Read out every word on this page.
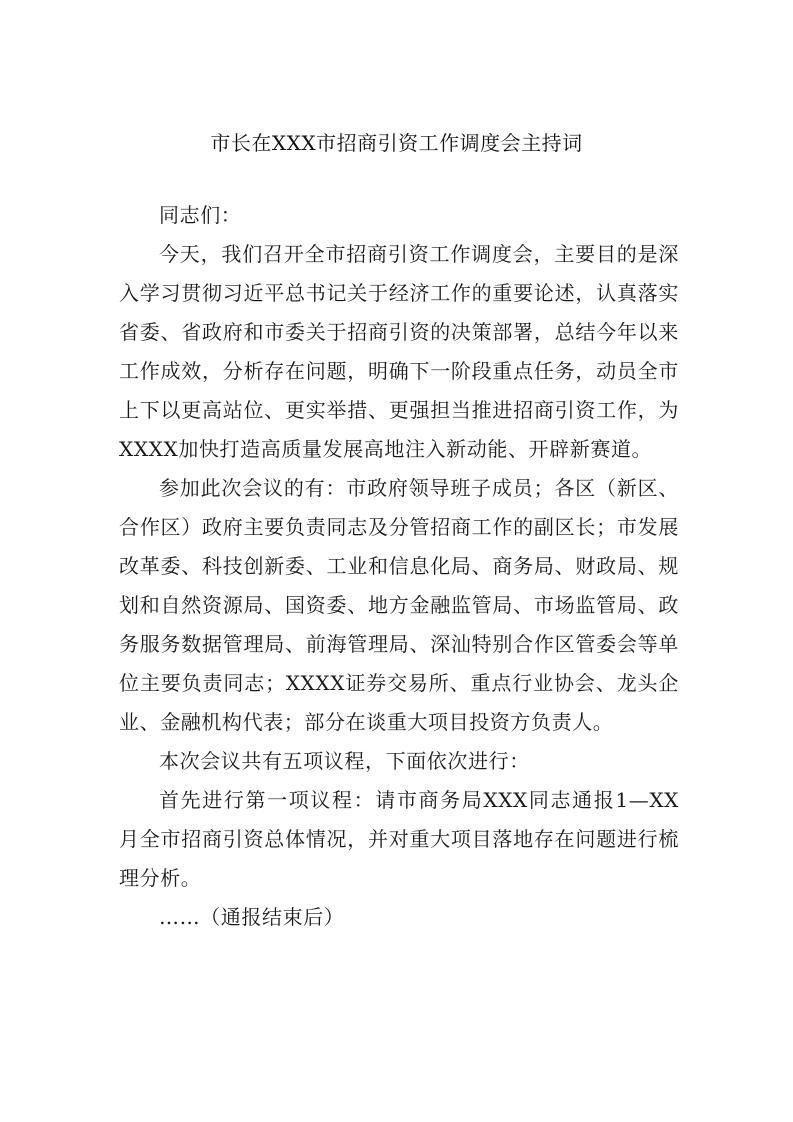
市长在XXX市招商引资工作调度会主持词

同志们：

今天，我们召开全市招商引资工作调度会，主要目的是深入学习贯彻习近平总书记关于经济工作的重要论述，认真落实省委、省政府和市委关于招商引资的决策部署，总结今年以来工作成效，分析存在问题，明确下一阶段重点任务，动员全市上下以更高站位、更实举措、更强担当推进招商引资工作，为XXXX加快打造高质量发展高地注入新动能、开辟新赛道。

参加此次会议的有：市政府领导班子成员；各区（新区、合作区）政府主要负责同志及分管招商工作的副区长；市发展改革委、科技创新委、工业和信息化局、商务局、财政局、规划和自然资源局、国资委、地方金融监管局、市场监管局、政务服务数据管理局、前海管理局、深汕特别合作区管委会等单位主要负责同志；XXXX证券交易所、重点行业协会、龙头企业、金融机构代表；部分在谈重大项目投资方负责人。

本次会议共有五项议程，下面依次进行：

首先进行第一项议程：请市商务局XXX同志通报1—XX月全市招商引资总体情况，并对重大项目落地存在问题进行梳理分析。

……（通报结束后）
